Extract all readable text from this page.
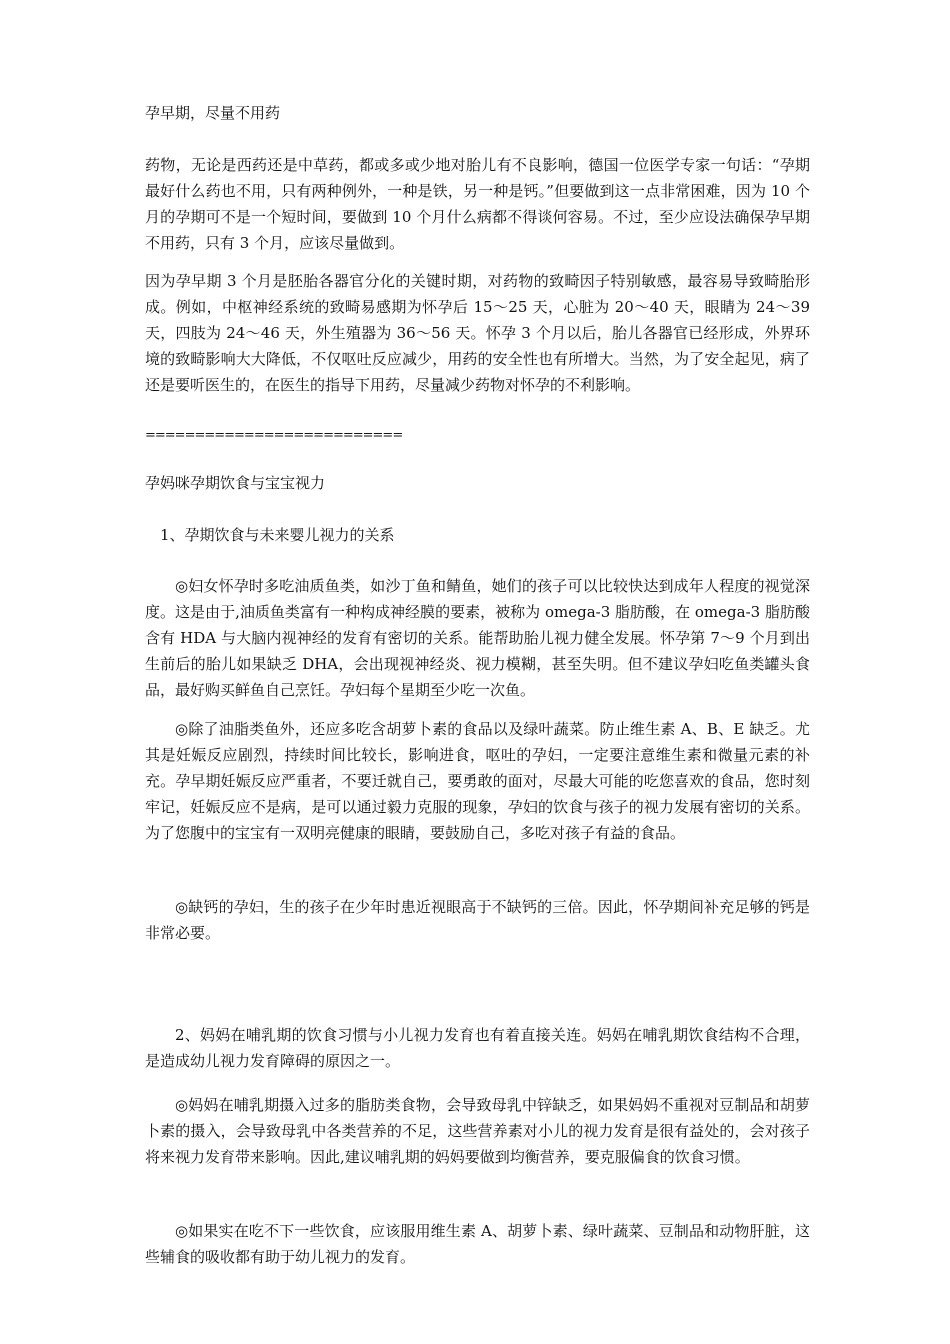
孕早期，尽量不用药

药物，无论是西药还是中草药，都或多或少地对胎儿有不良影响，德国一位医学专家一句话：“孕期最好什么药也不用，只有两种例外，一种是铁，另一种是钙。”但要做到这一点非常困难，因为 10 个月的孕期可不是一个短时间，要做到 10 个月什么病都不得谈何容易。不过，至少应设法确保孕早期不用药，只有 3 个月，应该尽量做到。

因为孕早期 3 个月是胚胎各器官分化的关键时期，对药物的致畸因子特别敏感，最容易导致畸胎形成。例如，中枢神经系统的致畸易感期为怀孕后 15～25 天，心脏为 20～40 天，眼睛为 24～39 天，四肢为 24～46 天，外生殖器为 36～56 天。怀孕 3 个月以后，胎儿各器官已经形成，外界环境的致畸影响大大降低，不仅呕吐反应减少，用药的安全性也有所增大。当然，为了安全起见，病了还是要听医生的，在医生的指导下用药，尽量减少药物对怀孕的不利影响。

==========================

孕妈咪孕期饮食与宝宝视力

1、孕期饮食与未来婴儿视力的关系

◎妇女怀孕时多吃油质鱼类，如沙丁鱼和鲭鱼，她们的孩子可以比较快达到成年人程度的视觉深度。这是由于,油质鱼类富有一种构成神经膜的要素，被称为 omega-3 脂肪酸，在 omega-3 脂肪酸含有 HDA 与大脑内视神经的发育有密切的关系。能帮助胎儿视力健全发展。怀孕第 7～9 个月到出生前后的胎儿如果缺乏 DHA，会出现视神经炎、视力模糊，甚至失明。但不建议孕妇吃鱼类罐头食品，最好购买鲜鱼自己烹饪。孕妇每个星期至少吃一次鱼。

◎除了油脂类鱼外，还应多吃含胡萝卜素的食品以及绿叶蔬菜。防止维生素 A、B、E 缺乏。尤其是妊娠反应剧烈，持续时间比较长，影响进食，呕吐的孕妇，一定要注意维生素和微量元素的补充。孕早期妊娠反应严重者，不要迁就自己，要勇敢的面对，尽最大可能的吃您喜欢的食品，您时刻牢记，妊娠反应不是病，是可以通过毅力克服的现象，孕妇的饮食与孩子的视力发展有密切的关系。为了您腹中的宝宝有一双明亮健康的眼睛，要鼓励自己，多吃对孩子有益的食品。

◎缺钙的孕妇，生的孩子在少年时患近视眼高于不缺钙的三倍。因此，怀孕期间补充足够的钙是非常必要。

2、妈妈在哺乳期的饮食习惯与小儿视力发育也有着直接关连。妈妈在哺乳期饮食结构不合理，是造成幼儿视力发育障碍的原因之一。

◎妈妈在哺乳期摄入过多的脂肪类食物，会导致母乳中锌缺乏，如果妈妈不重视对豆制品和胡萝卜素的摄入，会导致母乳中各类营养的不足，这些营养素对小儿的视力发育是很有益处的，会对孩子将来视力发育带来影响。因此,建议哺乳期的妈妈要做到均衡营养，要克服偏食的饮食习惯。

◎如果实在吃不下一些饮食，应该服用维生素 A、胡萝卜素、绿叶蔬菜、豆制品和动物肝脏，这些辅食的吸收都有助于幼儿视力的发育。
